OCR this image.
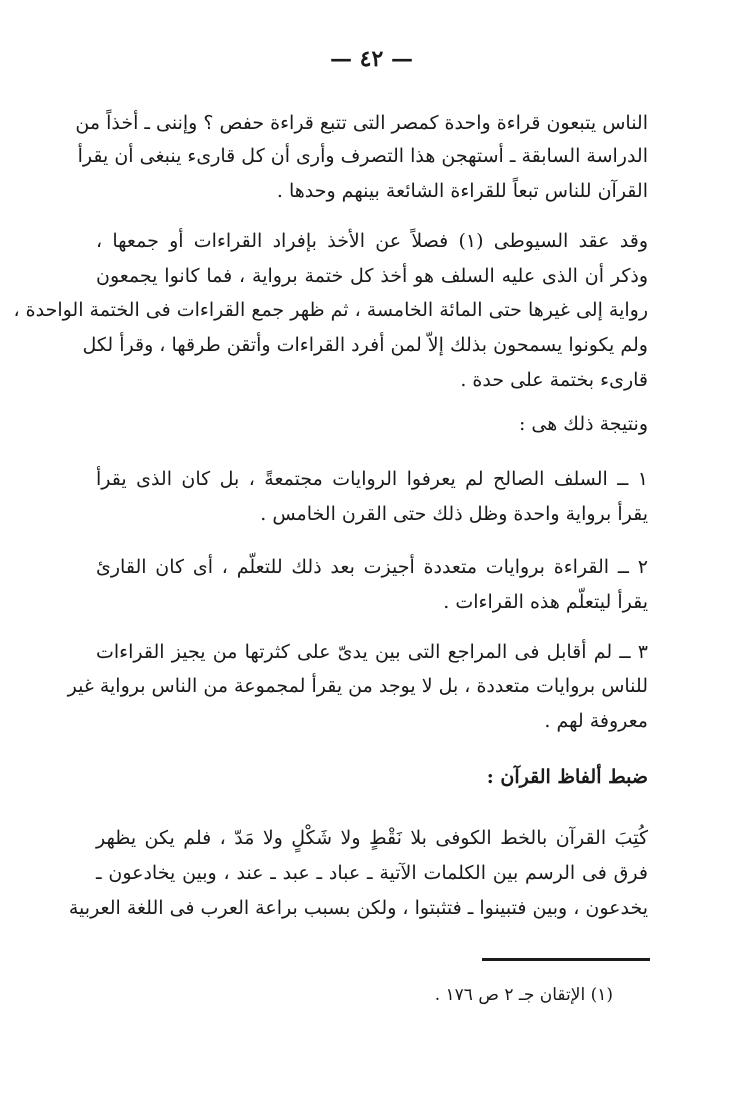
— ٤٢ —
الناس يتبعون قراءة واحدة كمصر التى تتبع قراءة حفص ؟ وإننى ـ أخذاً من
الدراسة السابقة ـ أستهجن هذا التصرف وأرى أن كل قارىء ينبغى أن يقرأ
القرآن للناس تبعاً للقراءة الشائعة بينهم وحدها .
وقد عقد السيوطى (١) فصلاً عن الأخذ بإفراد القراءات أو جمعها ،
وذكر أن الذى عليه السلف هو أخذ كل ختمة برواية ، فما كانوا يجمعون
رواية إلى غيرها حتى المائة الخامسة ، ثم ظهر جمع القراءات فى الختمة الواحدة ،
ولم يكونوا يسمحون بذلك إلاّ لمن أفرد القراءات وأتقن طرقها ، وقرأ لكل
قارىء بختمة على حدة .
ونتيجة ذلك هى :
١ ــ السلف الصالح لم يعرفوا الروايات مجتمعةً ، بل كان الذى يقرأ
يقرأ برواية واحدة وظل ذلك حتى القرن الخامس .
٢ ــ القراءة بروايات متعددة أجيزت بعد ذلك للتعلّم ، أى كان القارئ
يقرأ ليتعلّم هذه القراءات .
٣ ــ لم أقابل فى المراجع التى بين يدىّ على كثرتها من يجيز القراءات
للناس بروايات متعددة ، بل لا يوجد من يقرأ لمجموعة من الناس برواية غير
معروفة لهم .
ضبط ألفاظ القرآن :
كُتِبَ القرآن بالخط الكوفى بلا نَقْطٍ ولا شَكْلٍ ولا مَدّ ، فلم يكن يظهر
فرق فى الرسم بين الكلمات الآتية ـ عباد ـ عبد ـ عند ، وبين يخادعون ـ
يخدعون ، وبين فتبينوا ـ فتثبتوا ، ولكن بسبب براعة العرب فى اللغة العربية
(١) الإتقان جـ ٢ ص ١٧٦ .
